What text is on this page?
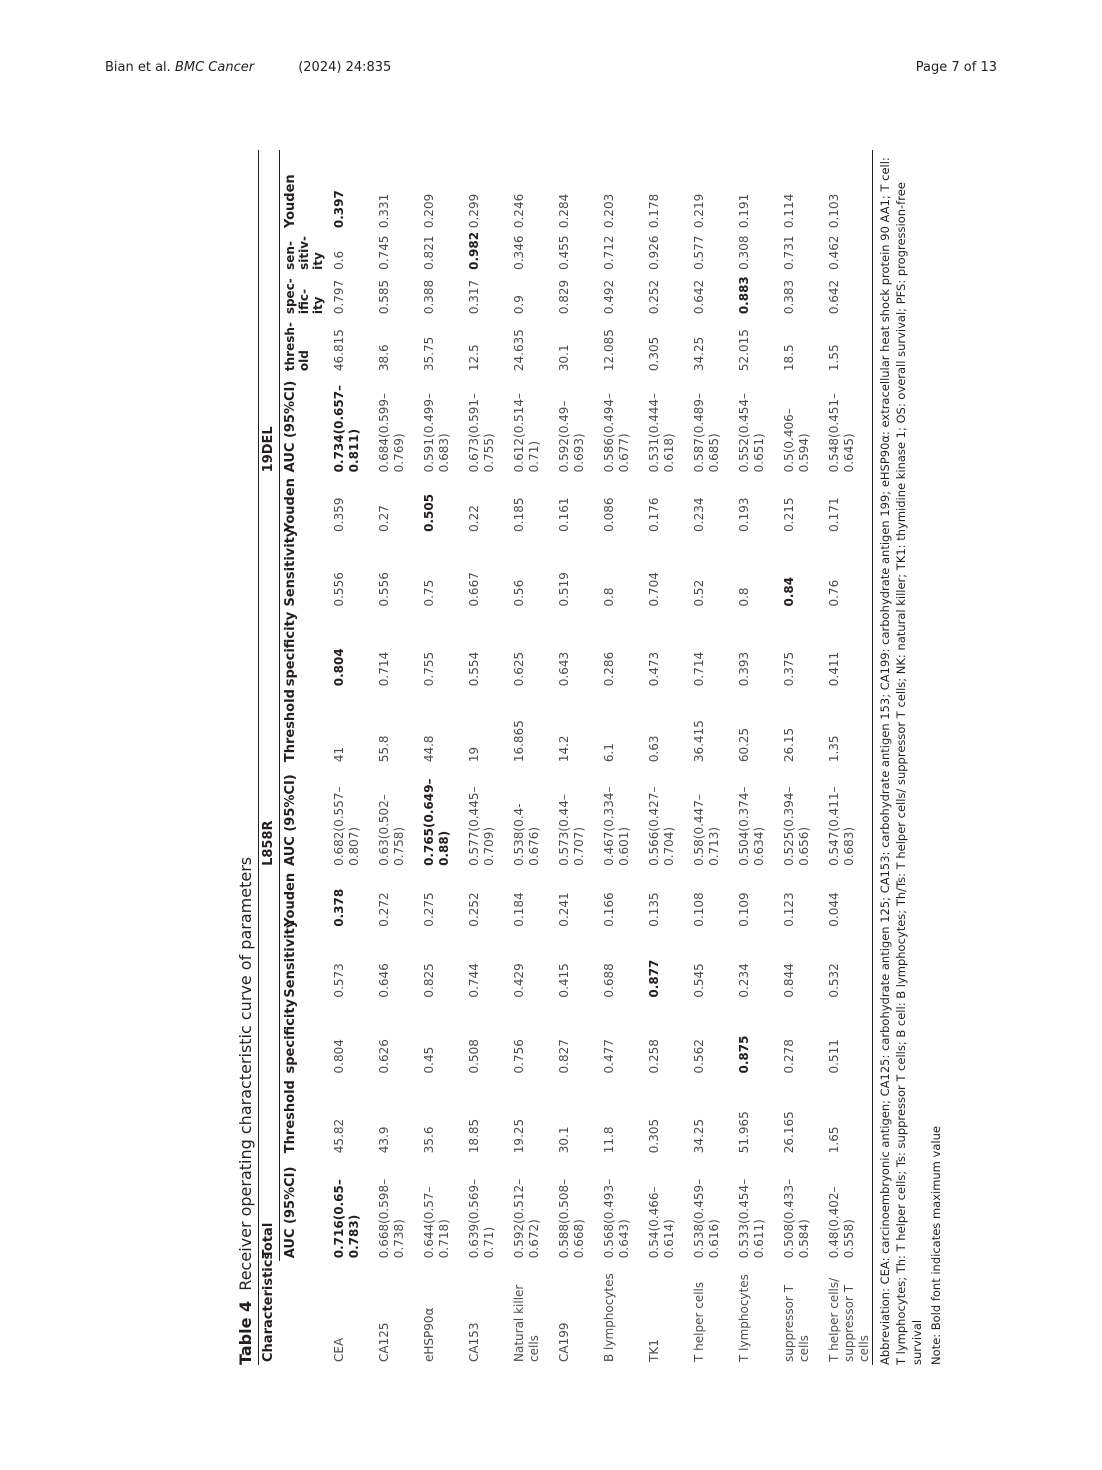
Bian et al. BMC Cancer	(2024) 24:835	Page 7 of 13
Table 4  Receiver operating characteristic curve of parameters
Characteristics	Total					L858R					19DEL				
	AUC (95%CI)	Threshold	specificity	Sensitivity	Youden	AUC (95%CI)	Threshold	specificity	Sensitivity	Youden	AUC (95%CI)	thresh-old	spec-ific-ity	sen-sitiv-ity	Youden
CEA	0.716(0.65–0.783)	45.82	0.804	0.573	0.378	0.682(0.557–0.807)	41	0.804	0.556	0.359	0.734(0.657–0.811)	46.815	0.797	0.6	0.397
CA125	0.668(0.598–0.738)	43.9	0.626	0.646	0.272	0.63(0.502–0.758)	55.8	0.714	0.556	0.27	0.684(0.599–0.769)	38.6	0.585	0.745	0.331
eHSP90α	0.644(0.57–0.718)	35.6	0.45	0.825	0.275	0.765(0.649–0.88)	44.8	0.755	0.75	0.505	0.591(0.499–0.683)	35.75	0.388	0.821	0.209
CA153	0.639(0.569–0.71)	18.85	0.508	0.744	0.252	0.577(0.445–0.709)	19	0.554	0.667	0.22	0.673(0.591–0.755)	12.5	0.317	0.982	0.299
Natural killer cells	0.592(0.512–0.672)	19.25	0.756	0.429	0.184	0.538(0.4-0.676)	16.865	0.625	0.56	0.185	0.612(0.514–0.71)	24.635	0.9	0.346	0.246
CA199	0.588(0.508–0.668)	30.1	0.827	0.415	0.241	0.573(0.44–0.707)	14.2	0.643	0.519	0.161	0.592(0.49–0.693)	30.1	0.829	0.455	0.284
B lymphocytes	0.568(0.493–0.643)	11.8	0.477	0.688	0.166	0.467(0.334–0.601)	6.1	0.286	0.8	0.086	0.586(0.494–0.677)	12.085	0.492	0.712	0.203
TK1	0.54(0.466–0.614)	0.305	0.258	0.877	0.135	0.566(0.427–0.704)	0.63	0.473	0.704	0.176	0.531(0.444–0.618)	0.305	0.252	0.926	0.178
T helper cells	0.538(0.459–0.616)	34.25	0.562	0.545	0.108	0.58(0.447–0.713)	36.415	0.714	0.52	0.234	0.587(0.489–0.685)	34.25	0.642	0.577	0.219
T lymphocytes	0.533(0.454–0.611)	51.965	0.875	0.234	0.109	0.504(0.374–0.634)	60.25	0.393	0.8	0.193	0.552(0.454–0.651)	52.015	0.883	0.308	0.191
suppressor T cells	0.508(0.433–0.584)	26.165	0.278	0.844	0.123	0.525(0.394–0.656)	26.15	0.375	0.84	0.215	0.5(0.406–0.594)	18.5	0.383	0.731	0.114
T helper cells/ suppressor T cells	0.48(0.402–0.558)	1.65	0.511	0.532	0.044	0.547(0.411–0.683)	1.35	0.411	0.76	0.171	0.548(0.451–0.645)	1.55	0.642	0.462	0.103	Abbreviation: CEA: carcinoembryonic antigen; CA125: carbohydrate antigen 125; CA153: carbohydrate antigen 153; CA199: carbohydrate antigen 199; eHSP90α: extracellular heat shock protein 90 AA1; T cell: T lymphocytes; Th: T helper cells; Ts: suppressor T cells; B cell: B lymphocytes; Th/Ts: T helper cells/ suppressor T cells; NK: natural killer; TK1: thymidine kinase 1; OS: overall survival; PFS: progression-free survival Note: Bold font indicates maximum value
